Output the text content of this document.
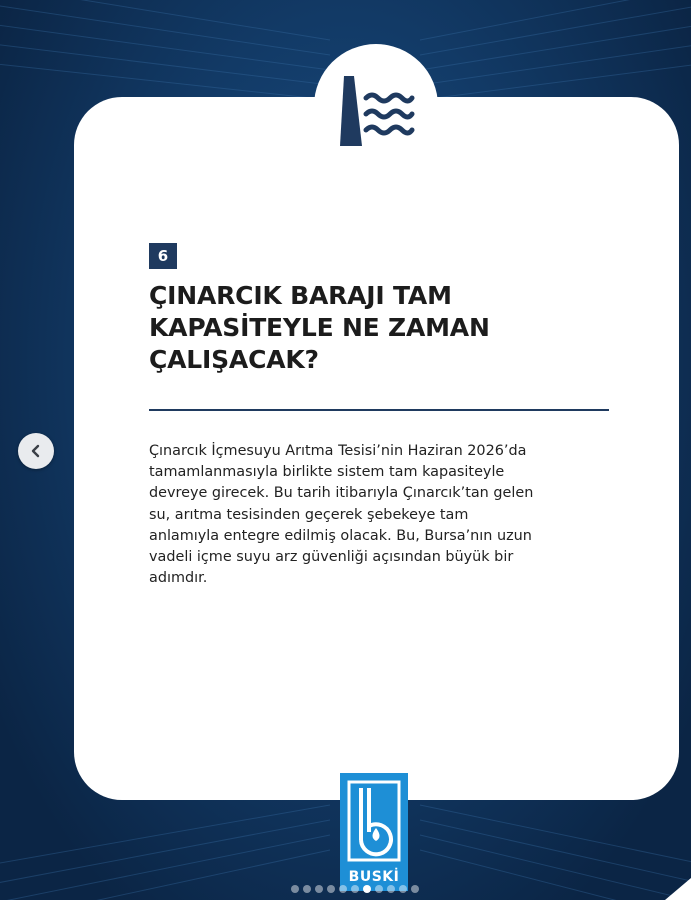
6
ÇINARCIK BARAJI TAM
KAPASİTEYLE NE ZAMAN
ÇALIŞACAK?
Çınarcık İçmesuyu Arıtma Tesisi’nin Haziran 2026’da
tamamlanmasıyla birlikte sistem tam kapasiteyle
devreye girecek. Bu tarih itibarıyla Çınarcık’tan gelen
su, arıtma tesisinden geçerek şebekeye tam
anlamıyla entegre edilmiş olacak. Bu, Bursa’nın uzun
vadeli içme suyu arz güvenliği açısından büyük bir
adımdır.
BUSKİ
